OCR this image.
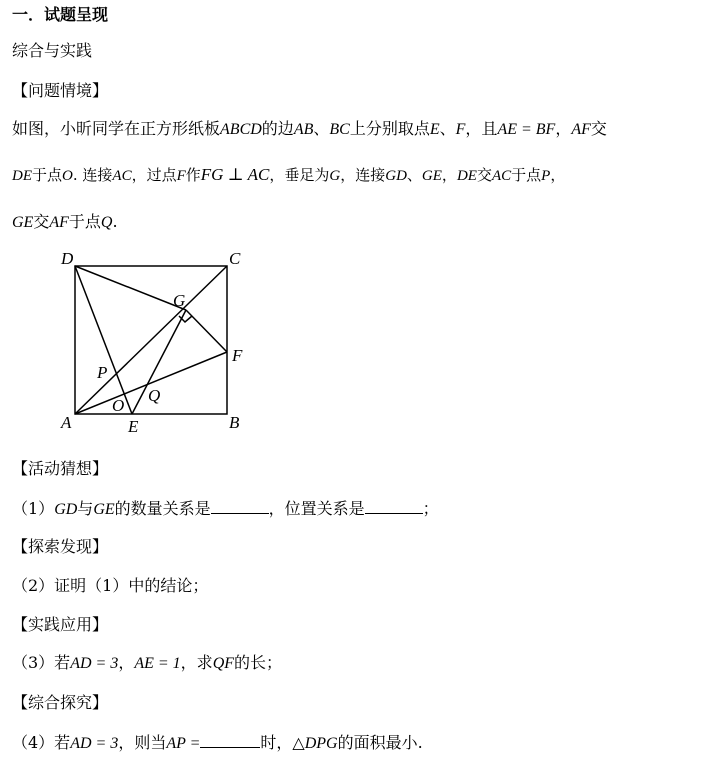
一．试题呈现
综合与实践
【问题情境】
如图，小昕同学在正方形纸板ABCD的边AB、BC上分别取点E、F，且AE = BF，AF交
DE于点O. 连接AC，过点F作FG ⊥ AC，垂足为G，连接GD、GE，DE交AC于点P，
GE交AF于点Q.
D	C
G
F
P
O
Q
A	E	B
【活动猜想】
（1）GD与GE的数量关系是	，位置关系是	；
【探索发现】
（2）证明（1）中的结论；
【实践应用】
（3）若AD = 3，AE = 1，求QF的长；
【综合探究】
（4）若AD = 3，则当AP =	时，△DPG的面积最小.
